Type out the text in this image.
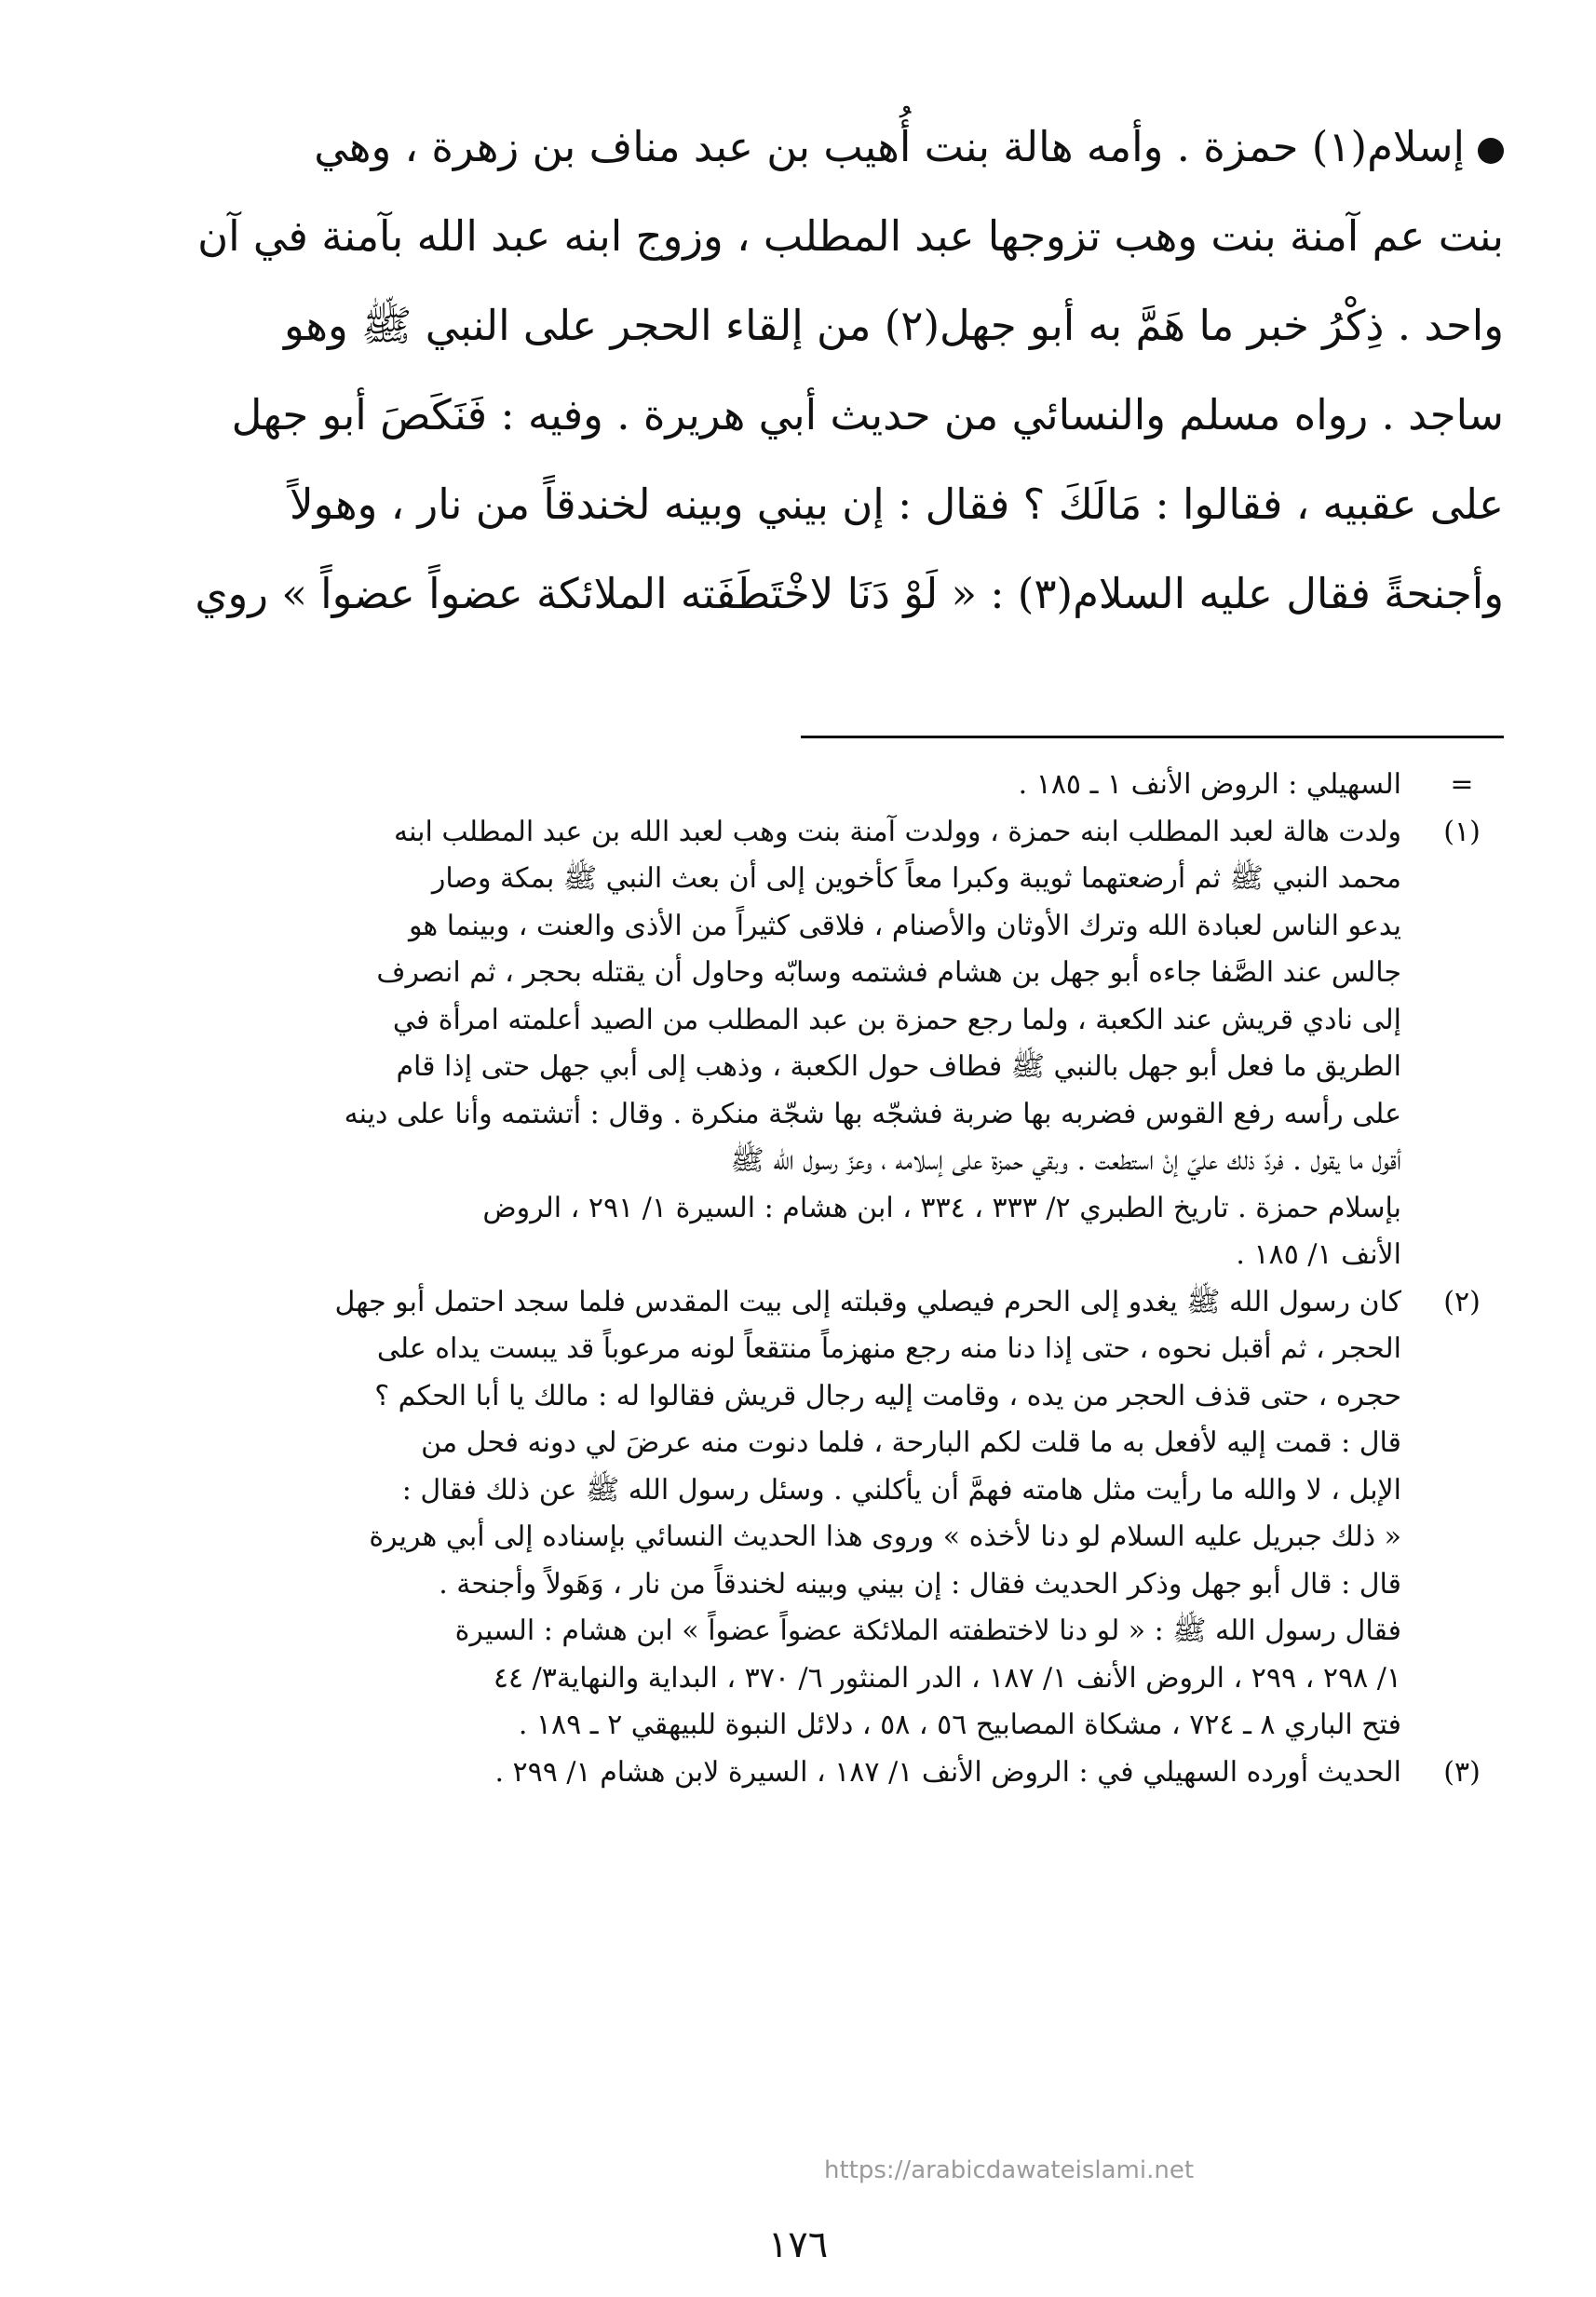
إسلام(١) حمزة . وأمه هالة بنت أُهيب بن عبد مناف بن زهرة ، وهي
بنت عم آمنة بنت وهب تزوجها عبد المطلب ، وزوج ابنه عبد الله بآمنة في آن
واحد . ذِكْرُ خبر ما هَمَّ به أبو جهل(٢) من إلقاء الحجر على النبي ﷺ وهو
ساجد . رواه مسلم والنسائي من حديث أبي هريرة . وفيه : فَنَكَصَ أبو جهل
على عقبيه ، فقالوا : مَالَكَ ؟ فقال : إن بيني وبينه لخندقاً من نار ، وهولاً
وأجنحةً فقال عليه السلام(٣) : « لَوْ دَنَا لاخْتَطَفَته الملائكة عضواً عضواً » روي
=
السهيلي : الروض الأنف ١ ـ ١٨٥ .
(١)
ولدت هالة لعبد المطلب ابنه حمزة ، وولدت آمنة بنت وهب لعبد الله بن عبد المطلب ابنه
محمد النبي ﷺ ثم أرضعتهما ثويبة وكبرا معاً كأخوين إلى أن بعث النبي ﷺ بمكة وصار
يدعو الناس لعبادة الله وترك الأوثان والأصنام ، فلاقى كثيراً من الأذى والعنت ، وبينما هو
جالس عند الصَّفا جاءه أبو جهل بن هشام فشتمه وسابّه وحاول أن يقتله بحجر ، ثم انصرف
إلى نادي قريش عند الكعبة ، ولما رجع حمزة بن عبد المطلب من الصيد أعلمته امرأة في
الطريق ما فعل أبو جهل بالنبي ﷺ فطاف حول الكعبة ، وذهب إلى أبي جهل حتى إذا قام
على رأسه رفع القوس فضربه بها ضربة فشجّه بها شجّة منكرة . وقال : أتشتمه وأنا على دينه
أقول ما يقول . فردّ ذلك عليّ إنْ استطعت . وبقي حمزة على إسلامه ، وعزّ رسول الله ﷺ
بإسلام حمزة . تاريخ الطبري ٢/ ٣٣٣ ، ٣٣٤ ، ابن هشام : السيرة ١/ ٢٩١ ، الروض
الأنف ١/ ١٨٥ .
(٢)
كان رسول الله ﷺ يغدو إلى الحرم فيصلي وقبلته إلى بيت المقدس فلما سجد احتمل أبو جهل
الحجر ، ثم أقبل نحوه ، حتى إذا دنا منه رجع منهزماً منتقعاً لونه مرعوباً قد يبست يداه على
حجره ، حتى قذف الحجر من يده ، وقامت إليه رجال قريش فقالوا له : مالك يا أبا الحكم ؟
قال : قمت إليه لأفعل به ما قلت لكم البارحة ، فلما دنوت منه عرضَ لي دونه فحل من
الإبل ، لا والله ما رأيت مثل هامته فهمَّ أن يأكلني . وسئل رسول الله ﷺ عن ذلك فقال :
« ذلك جبريل عليه السلام لو دنا لأخذه » وروى هذا الحديث النسائي بإسناده إلى أبي هريرة
قال : قال أبو جهل وذكر الحديث فقال : إن بيني وبينه لخندقاً من نار ، وَهَولاً وأجنحة .
فقال رسول الله ﷺ : « لو دنا لاختطفته الملائكة عضواً عضواً » ابن هشام : السيرة
١/ ٢٩٨ ، ٢٩٩ ، الروض الأنف ١/ ١٨٧ ، الدر المنثور ٦/ ٣٧٠ ، البداية والنهاية٣/ ٤٤
فتح الباري ٨ ـ ٧٢٤ ، مشكاة المصابيح ٥٦ ، ٥٨ ، دلائل النبوة للبيهقي ٢ ـ ١٨٩ .
(٣)
الحديث أورده السهيلي في : الروض الأنف ١/ ١٨٧ ، السيرة لابن هشام ١/ ٢٩٩ .
https://arabicdawateislami.net
١٧٦
